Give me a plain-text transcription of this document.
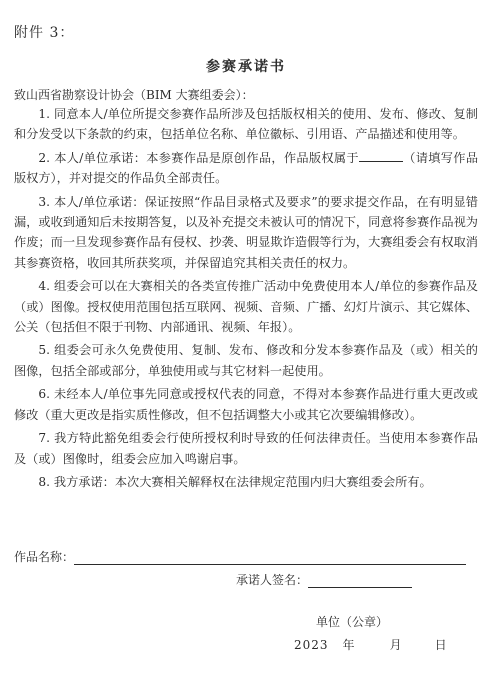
附件 3：
参赛承诺书
致山西省勘察设计协会（BIM 大赛组委会）：

1. 同意本人/单位所提交参赛作品所涉及包括版权相关的使用、发布、修改、复制和分发受以下条款的约束，包括单位名称、单位徽标、引用语、产品描述和使用等。

2. 本人/单位承诺：本参赛作品是原创作品，作品版权属于	（请填写作品版权方），并对提交的作品负全部责任。

3. 本人/单位承诺：保证按照“作品目录格式及要求”的要求提交作品，在有明显错漏，或收到通知后未按期答复，以及补充提交未被认可的情况下，同意将参赛作品视为作废；而一旦发现参赛作品有侵权、抄袭、明显欺诈造假等行为，大赛组委会有权取消其参赛资格，收回其所获奖项，并保留追究其相关责任的权力。

4. 组委会可以在大赛相关的各类宣传推广活动中免费使用本人/单位的参赛作品及（或）图像。授权使用范围包括互联网、视频、音频、广播、幻灯片演示、其它媒体、公关（包括但不限于刊物、内部通讯、视频、年报）。

5. 组委会可永久免费使用、复制、发布、修改和分发本参赛作品及（或）相关的图像，包括全部或部分，单独使用或与其它材料一起使用。

6. 未经本人/单位事先同意或授权代表的同意，不得对本参赛作品进行重大更改或修改（重大更改是指实质性修改，但不包括调整大小或其它次要编辑修改）。

7. 我方特此豁免组委会行使所授权利时导致的任何法律责任。当使用本参赛作品及（或）图像时，组委会应加入鸣谢启事。

8. 我方承诺：本次大赛相关解释权在法律规定范围内归大赛组委会所有。

作品名称：
承诺人签名：
单位（公章）
2023 年	月	日
